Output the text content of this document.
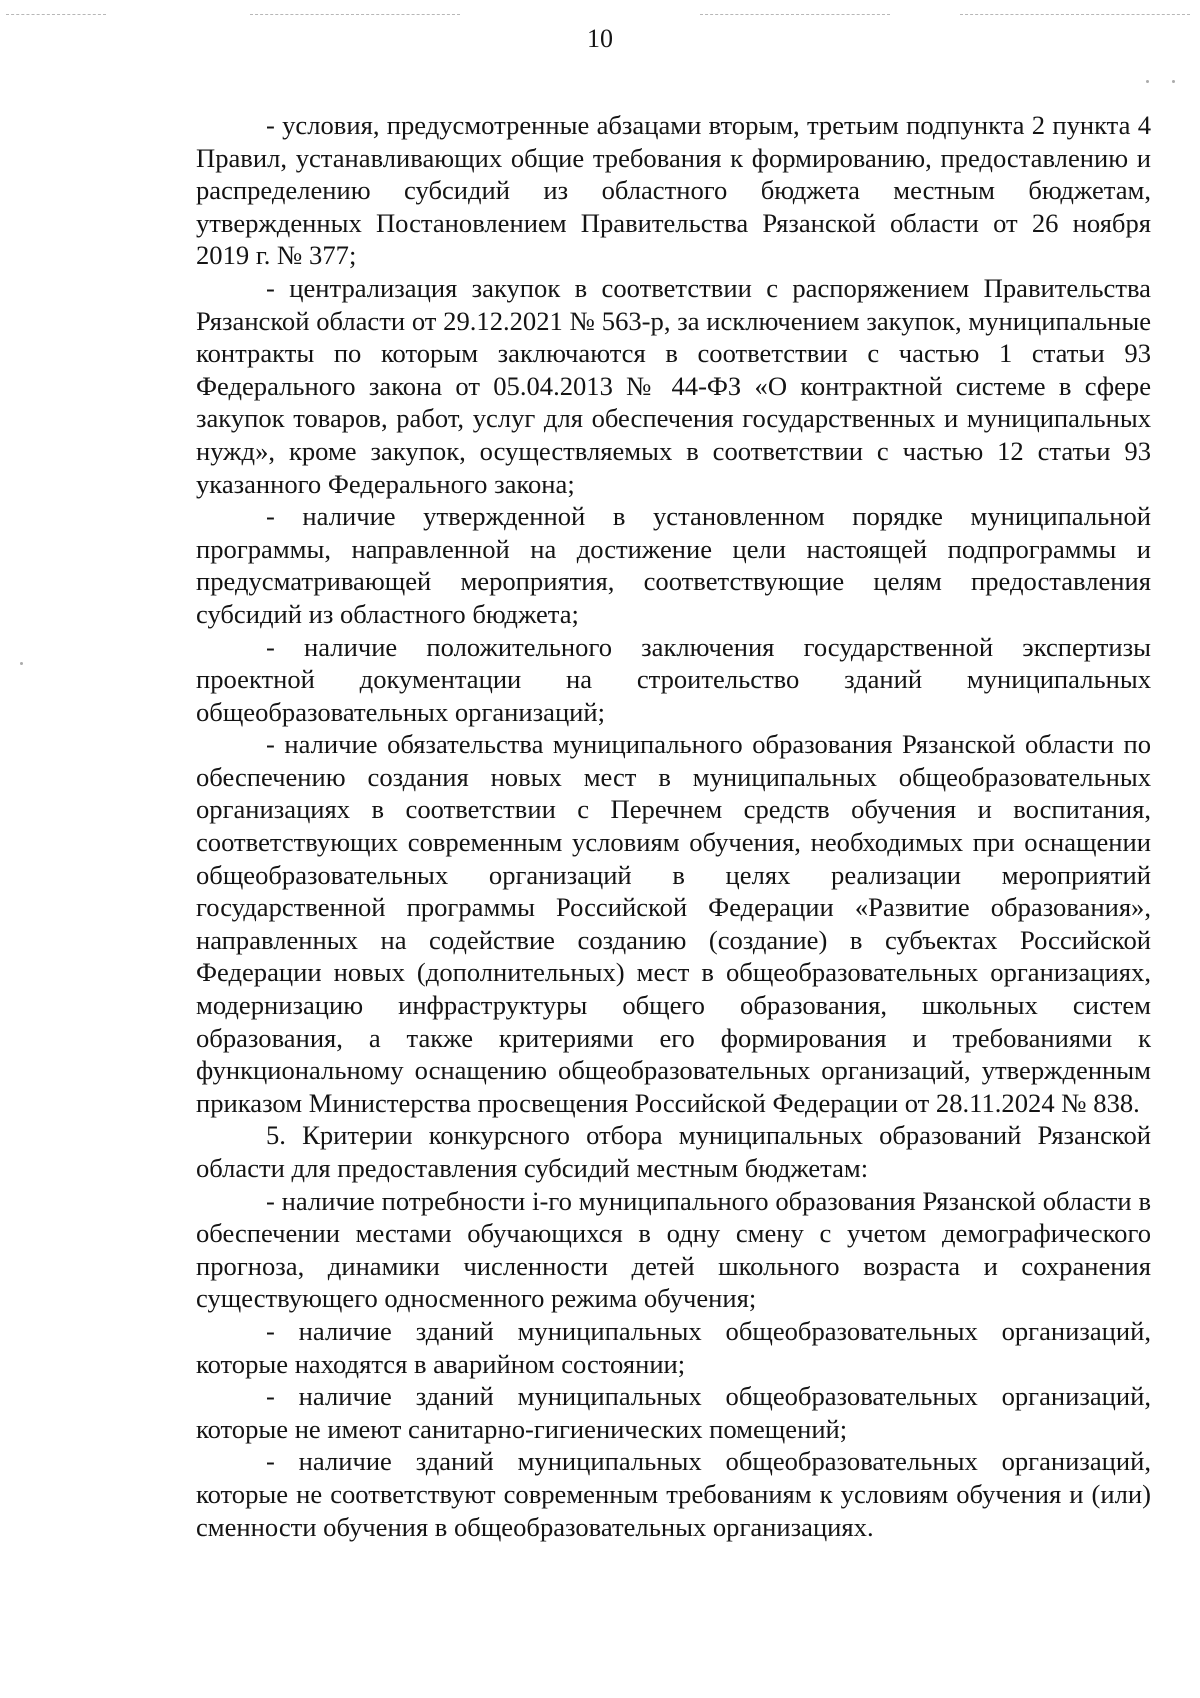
10

- условия, предусмотренные абзацами вторым, третьим подпункта 2 пункта 4 Правил, устанавливающих общие требования к формированию, предоставлению и распределению субсидий из областного бюджета местным бюджетам, утвержденных Постановлением Правительства Рязанской области от 26 ноября 2019 г. № 377;

- централизация закупок в соответствии с распоряжением Правительства Рязанской области от 29.12.2021 № 563-р, за исключением закупок, муниципальные контракты по которым заключаются в соответствии с частью 1 статьи 93 Федерального закона от 05.04.2013 № 44-ФЗ «О контрактной системе в сфере закупок товаров, работ, услуг для обеспечения государственных и муниципальных нужд», кроме закупок, осуществляемых в соответствии с частью 12 статьи 93 указанного Федерального закона;

- наличие утвержденной в установленном порядке муниципальной программы, направленной на достижение цели настоящей подпрограммы и предусматривающей мероприятия, соответствующие целям предоставления субсидий из областного бюджета;

- наличие положительного заключения государственной экспертизы проектной документации на строительство зданий муниципальных общеобразовательных организаций;

- наличие обязательства муниципального образования Рязанской области по обеспечению создания новых мест в муниципальных общеобразовательных организациях в соответствии с Перечнем средств обучения и воспитания, соответствующих современным условиям обучения, необходимых при оснащении общеобразовательных организаций в целях реализации мероприятий государственной программы Российской Федерации «Развитие образования», направленных на содействие созданию (создание) в субъектах Российской Федерации новых (дополнительных) мест в общеобразовательных организациях, модернизацию инфраструктуры общего образования, школьных систем образования, а также критериями его формирования и требованиями к функциональному оснащению общеобразовательных организаций, утвержденным приказом Министерства просвещения Российской Федерации от 28.11.2024 № 838.

5. Критерии конкурсного отбора муниципальных образований Рязанской области для предоставления субсидий местным бюджетам:

- наличие потребности i-го муниципального образования Рязанской области в обеспечении местами обучающихся в одну смену с учетом демографического прогноза, динамики численности детей школьного возраста и сохранения существующего односменного режима обучения;

- наличие зданий муниципальных общеобразовательных организаций, которые находятся в аварийном состоянии;

- наличие зданий муниципальных общеобразовательных организаций, которые не имеют санитарно-гигиенических помещений;

- наличие зданий муниципальных общеобразовательных организаций, которые не соответствуют современным требованиям к условиям обучения и (или) сменности обучения в общеобразовательных организациях.
